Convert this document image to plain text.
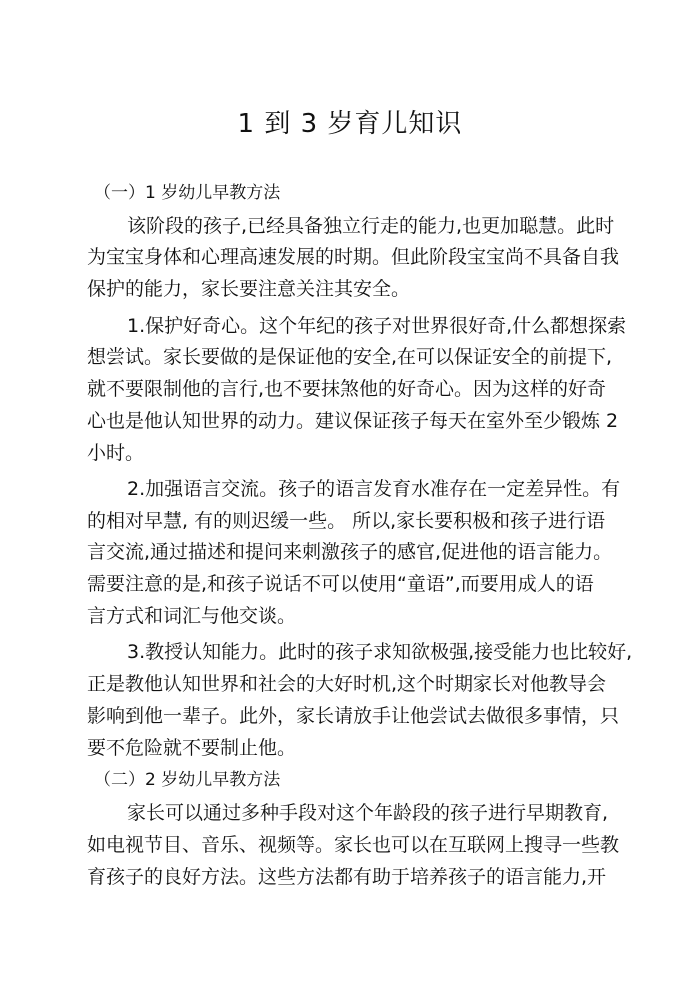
1 到 3 岁育儿知识
（一）1 岁幼儿早教方法
该阶段的孩子,已经具备独立行走的能力,也更加聪慧。此时
为宝宝身体和心理高速发展的时期。但此阶段宝宝尚不具备自我
保护的能力，家长要注意关注其安全。
1.保护好奇心。这个年纪的孩子对世界很好奇,什么都想探索
想尝试。家长要做的是保证他的安全,在可以保证安全的前提下,
就不要限制他的言行,也不要抹煞他的好奇心。因为这样的好奇
心也是他认知世界的动力。建议保证孩子每天在室外至少锻炼 2
小时。
2.加强语言交流。孩子的语言发育水准存在一定差异性。有
的相对早慧, 有的则迟缓一些。 所以,家长要积极和孩子进行语
言交流,通过描述和提问来刺激孩子的感官,促进他的语言能力。
需要注意的是,和孩子说话不可以使用“童语”,而要用成人的语
言方式和词汇与他交谈。
3.教授认知能力。此时的孩子求知欲极强,接受能力也比较好,
正是教他认知世界和社会的大好时机,这个时期家长对他教导会
影响到他一辈子。此外，家长请放手让他尝试去做很多事情，只
要不危险就不要制止他。
（二）2 岁幼儿早教方法
家长可以通过多种手段对这个年龄段的孩子进行早期教育,
如电视节目、音乐、视频等。家长也可以在互联网上搜寻一些教
育孩子的良好方法。这些方法都有助于培养孩子的语言能力,开
